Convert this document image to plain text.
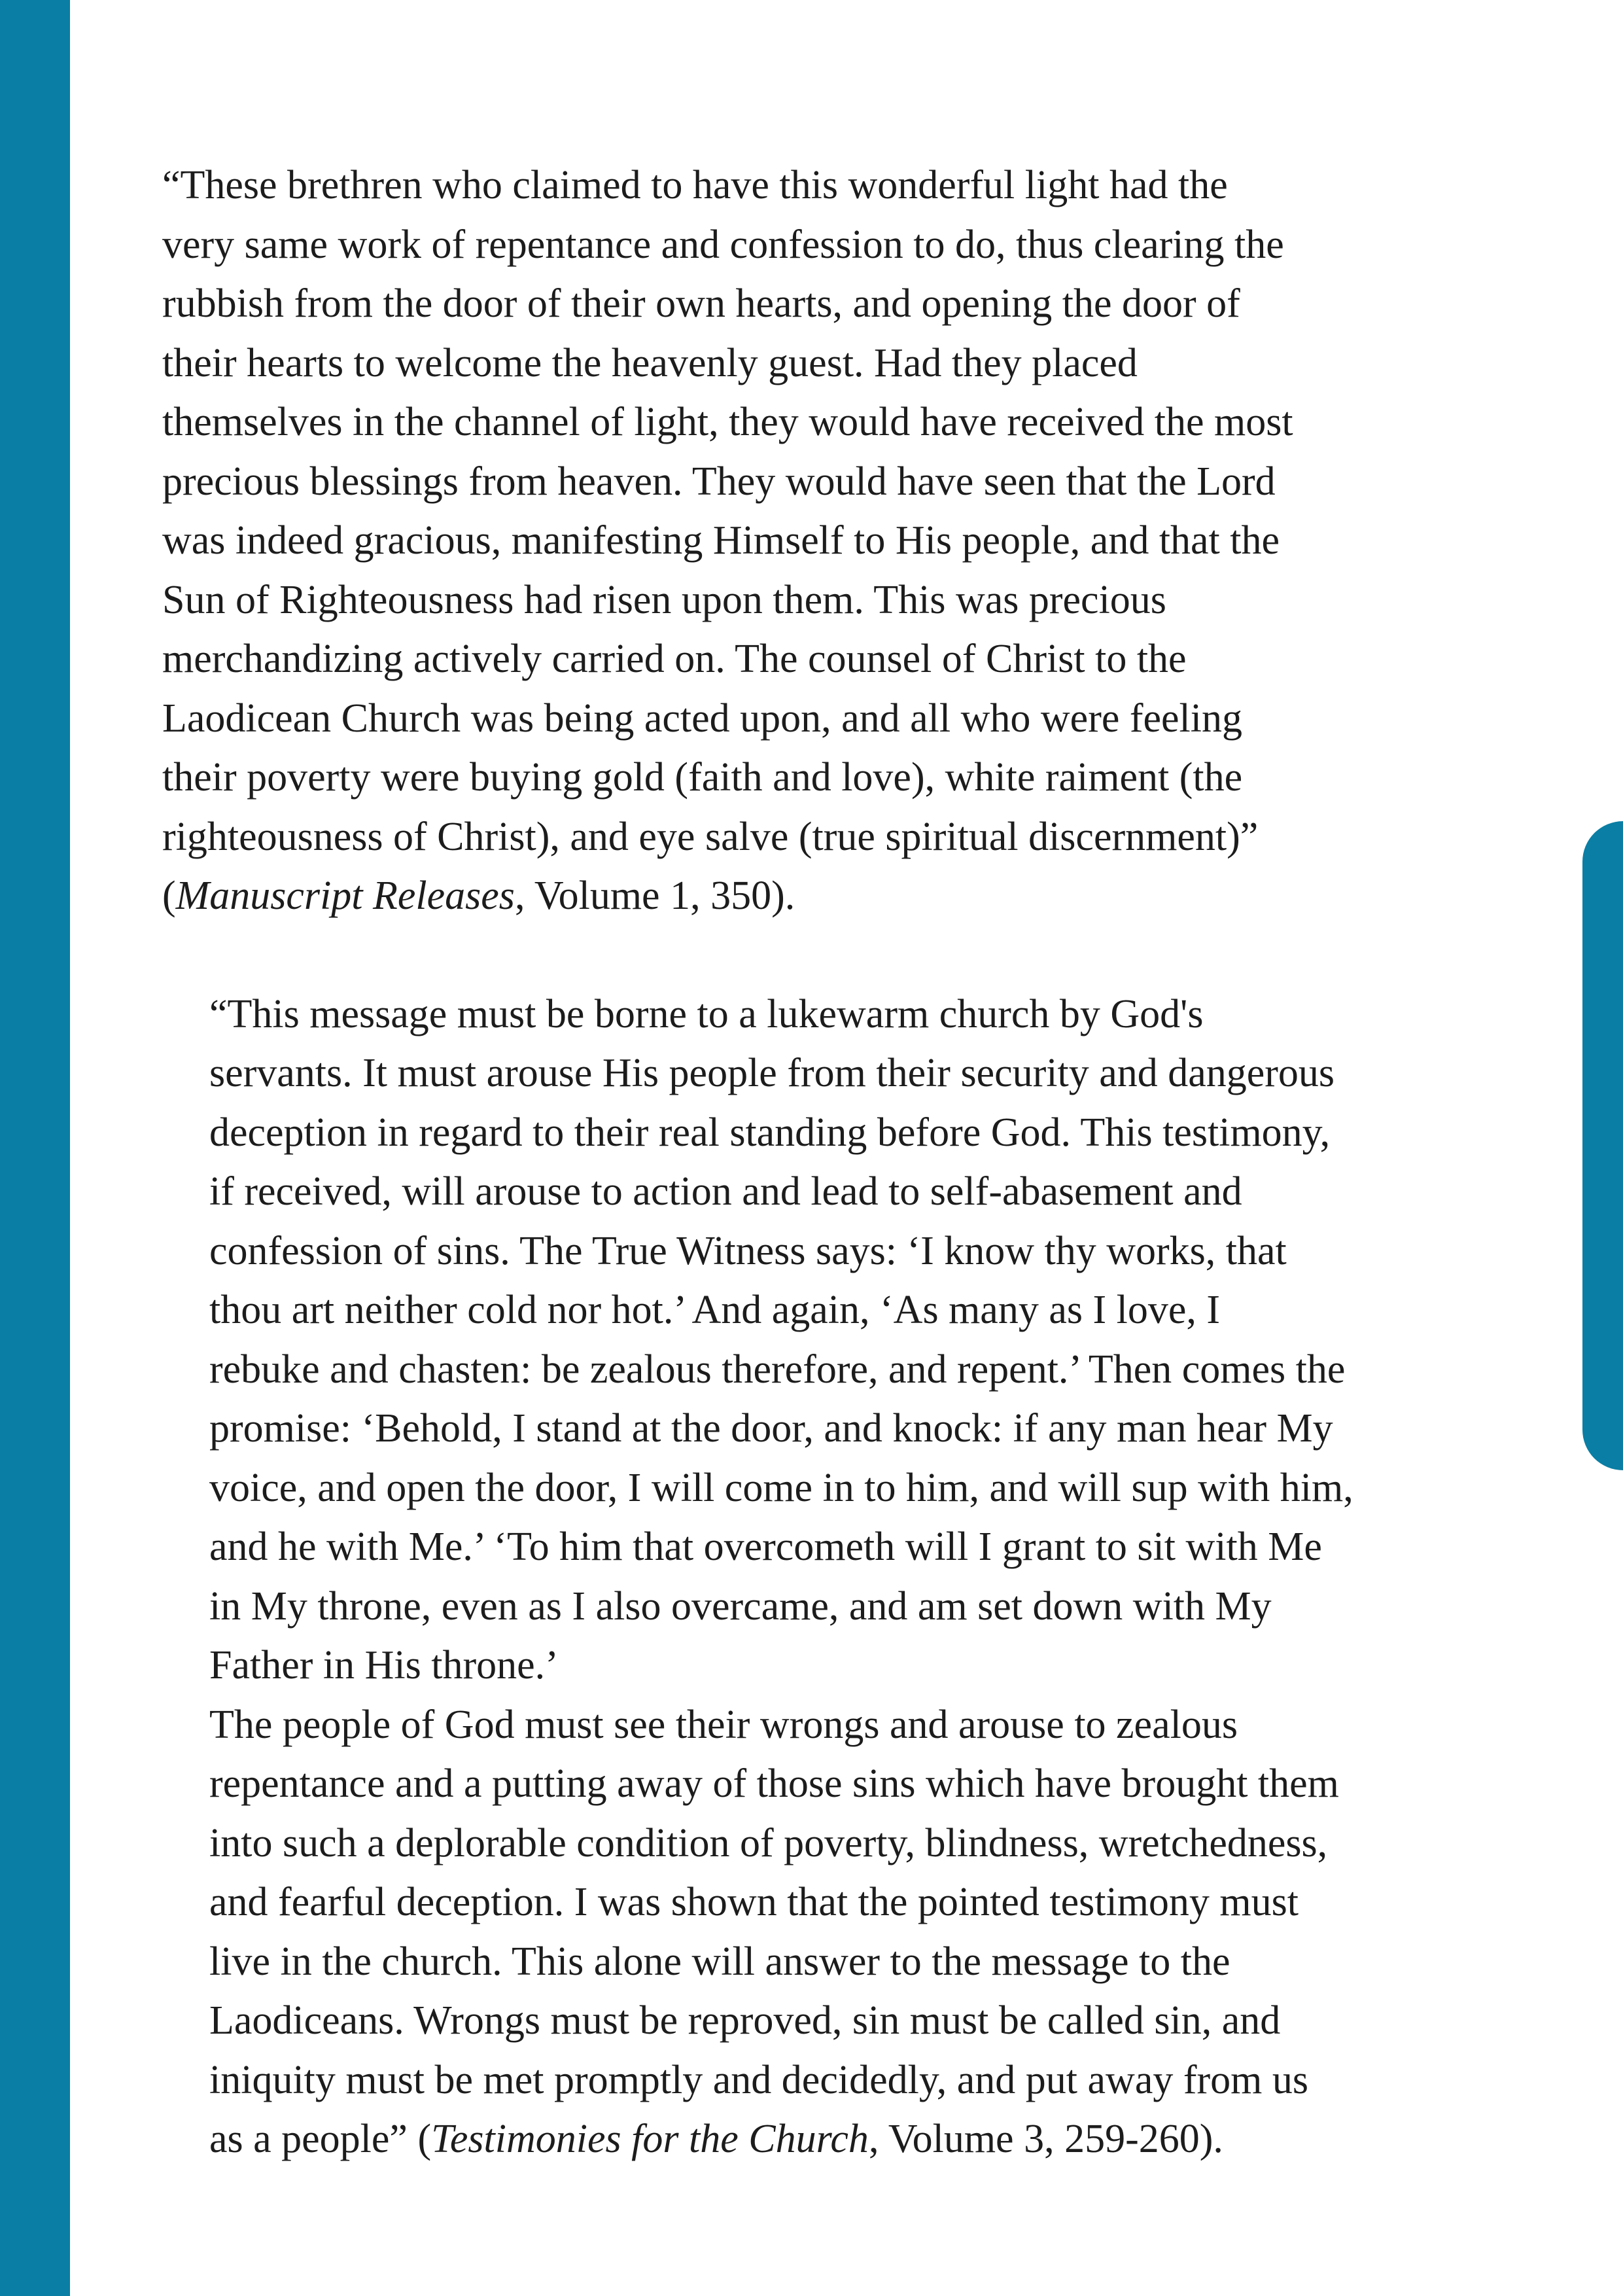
“These brethren who claimed to have this wonderful light had the
very same work of repentance and confession to do, thus clearing the
rubbish from the door of their own hearts, and opening the door of
their hearts to welcome the heavenly guest. Had they placed
themselves in the channel of light, they would have received the most
precious blessings from heaven. They would have seen that the Lord
was indeed gracious, manifesting Himself to His people, and that the
Sun of Righteousness had risen upon them. This was precious
merchandizing actively carried on. The counsel of Christ to the
Laodicean Church was being acted upon, and all who were feeling
their poverty were buying gold (faith and love), white raiment (the
righteousness of Christ), and eye salve (true spiritual discernment)”
(Manuscript Releases, Volume 1, 350).

“This message must be borne to a lukewarm church by God's
servants. It must arouse His people from their security and dangerous
deception in regard to their real standing before God. This testimony,
if received, will arouse to action and lead to self-abasement and
confession of sins. The True Witness says: ‘I know thy works, that
thou art neither cold nor hot.’ And again, ‘As many as I love, I
rebuke and chasten: be zealous therefore, and repent.’ Then comes the
promise: ‘Behold, I stand at the door, and knock: if any man hear My
voice, and open the door, I will come in to him, and will sup with him,
and he with Me.’ ‘To him that overcometh will I grant to sit with Me
in My throne, even as I also overcame, and am set down with My
Father in His throne.’

The people of God must see their wrongs and arouse to zealous
repentance and a putting away of those sins which have brought them
into such a deplorable condition of poverty, blindness, wretchedness,
and fearful deception. I was shown that the pointed testimony must
live in the church. This alone will answer to the message to the
Laodiceans. Wrongs must be reproved, sin must be called sin, and
iniquity must be met promptly and decidedly, and put away from us
as a people” (Testimonies for the Church, Volume 3, 259-260).
